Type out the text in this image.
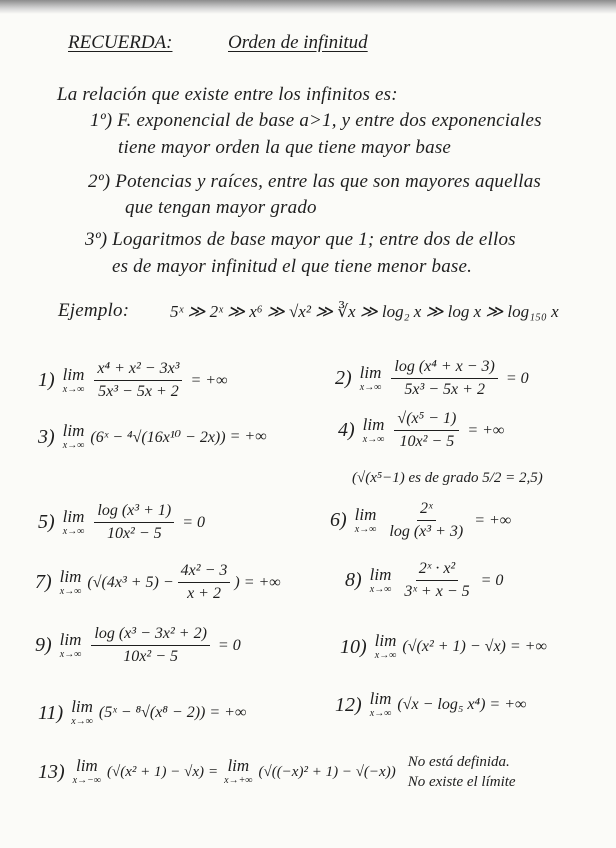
RECUERDA:	Orden de infinitud
La relación que existe entre los infinitos es:
1º) F. exponencial de base a>1, y entre dos exponenciales
tiene mayor orden la que tiene mayor base
2º) Potencias y raíces, entre las que son mayores aquellas
que tengan mayor grado
3º) Logaritmos de base mayor que 1; entre dos de ellos
es de mayor infinitud el que tiene menor base.
Ejemplo: 5ˣ ≫ 2ˣ ≫ x⁶ ≫ √x² ≫ ∛x ≫ log₂ x ≫ log x ≫ log₁₅₀ x
1) lim
$x\to\infty \frac{\text{x⁴ + x² − 3x³}}{\text{5x³ − 5x + 2}}$ = +∞	2) lim
$x\to\infty \frac{\text{log (x⁴ + x − 3)}}{\text{5x³ − 5x + 2}} = 0$
3) lim
x→∞ (6ˣ − ⁴√(16x¹⁰ − 2x)) = +∞	4) lim
$x\to\infty \frac{\text{√(x⁵ − 1)}}{\text{10x² − 5}}$ = +∞
(√(x⁵−1) es de grado 5/2 = 2,5)
5) lim
$x\to\infty \frac{\text{log (x³ + 1)}}{\text{10x² − 5}} = 0$	6) lim
$x\to\infty \frac{\text{2ˣ}}{\text{log (x³ + 3)}}$ = +∞
7) lim
x→∞
($√(4x^3 + 5) - \frac{\text{4x² − 3}}{x + 2}$ ) = +∞	8) lim
$x\to\infty \frac{\text{2ˣ · x²}}{\text{3ˣ + x − 5}} = 0$
9) lim
$x\to\infty \frac{\text{log (x³ − 3x² + 2)}}{\text{10x² − 5}} = 0$	10) lim
x→∞
(√(x² + 1) − √x) = +∞
11) lim
x→∞
(5ˣ − ⁸√(x⁸ − 2)) = +∞	12) lim
x→∞
(√x − log₅ x⁴) = +∞
13) lim
x→−∞
(√(x² + 1) − √x) = lim
x→+∞
(√((−x)² + 1) − √(−x))
No está definida.
No existe el límite
